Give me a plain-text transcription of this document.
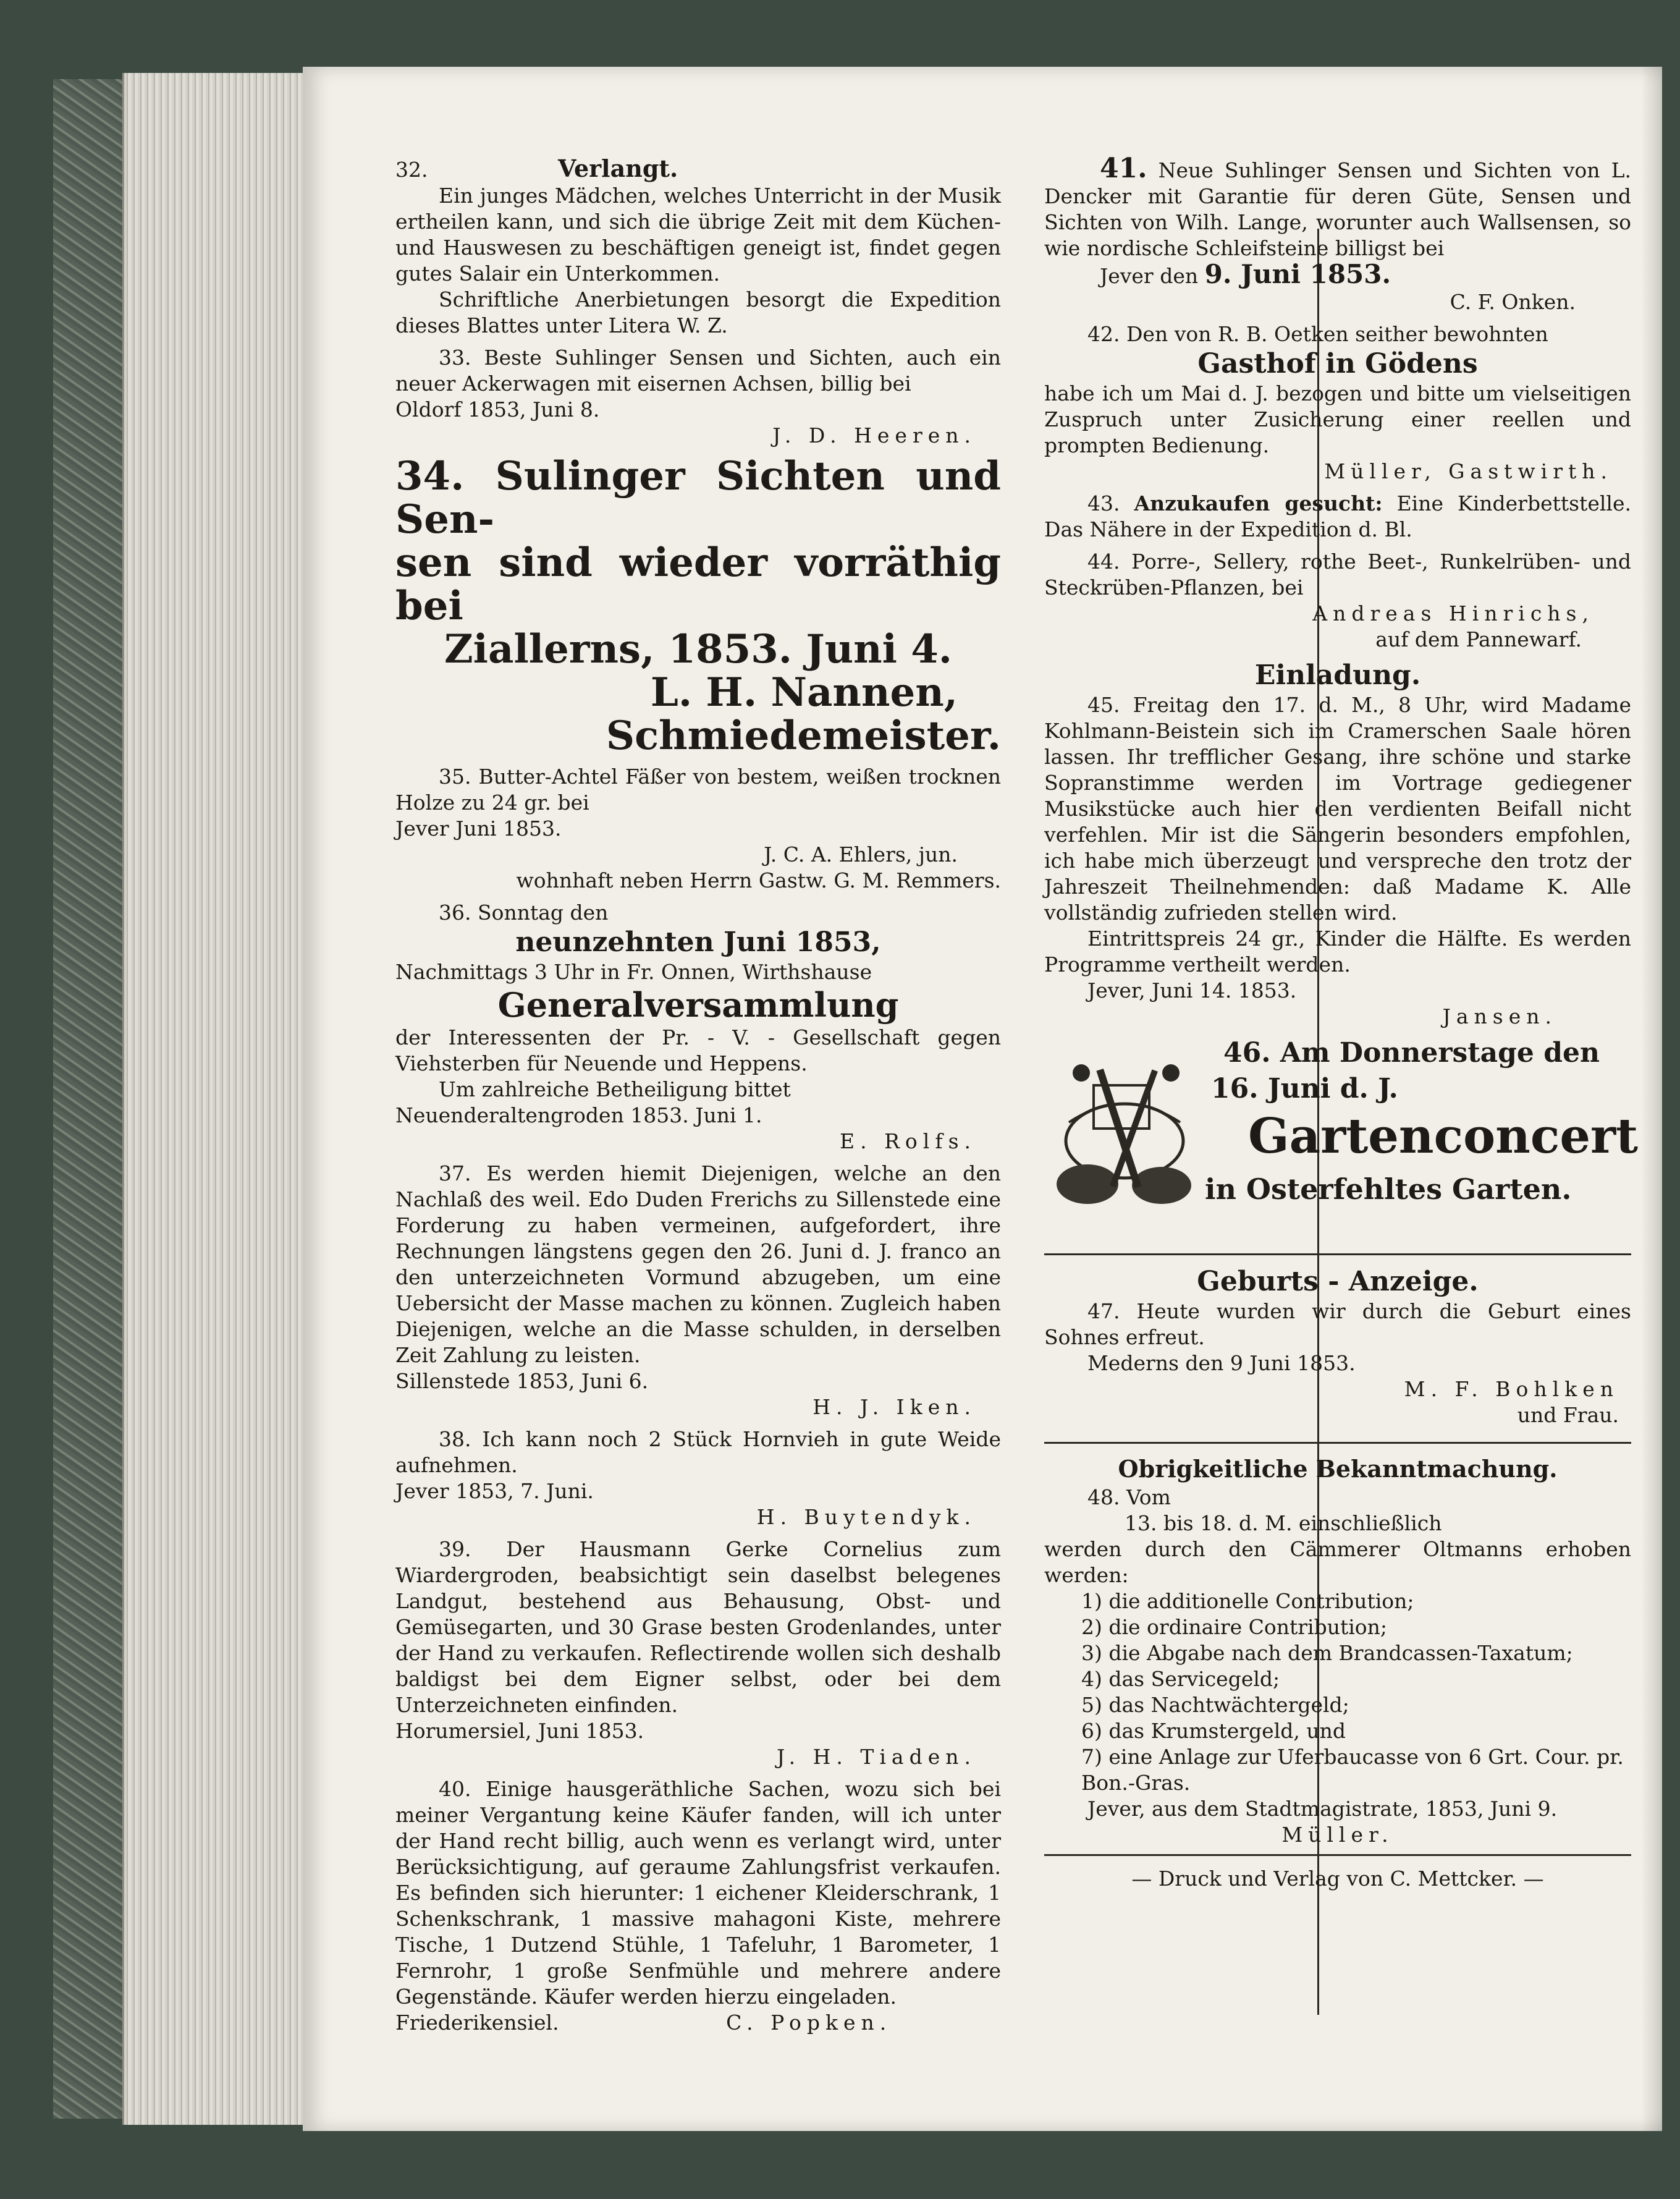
32.	Verlangt.

Ein junges Mädchen, welches Unterricht in der Musik ertheilen kann, und sich die übrige Zeit mit dem Küchen- und Hauswesen zu beschäftigen geneigt ist, findet gegen gutes Salair ein Unterkommen.

Schriftliche Anerbietungen besorgt die Expedition dieses Blattes unter Litera W. Z.

33. Beste Suhlinger Sensen und Sichten, auch ein neuer Ackerwagen mit eisernen Achsen, billig bei

Oldorf 1853, Juni 8.

J. D. Heeren.

34. Sulinger Sichten und Sen-

sen sind wieder vorräthig bei

Ziallerns, 1853. Juni 4.

L. H. Nannen,

Schmiedemeister.

35. Butter-Achtel Fäßer von bestem, weißen trocknen Holze zu 24 gr. bei

Jever Juni 1853.

J. C. A. Ehlers, jun.

wohnhaft neben Herrn Gastw. G. M. Remmers.

36. Sonntag den

neunzehnten Juni 1853,

Nachmittags 3 Uhr in Fr. Onnen, Wirthshause

Generalversammlung

der Interessenten der Pr. - V. - Gesellschaft gegen Viehsterben für Neuende und Heppens.

Um zahlreiche Betheiligung bittet

Neuenderaltengroden 1853. Juni 1.

E. Rolfs.

37. Es werden hiemit Diejenigen, welche an den Nachlaß des weil. Edo Duden Frerichs zu Sillenstede eine Forderung zu haben vermeinen, aufgefordert, ihre Rechnungen längstens gegen den 26. Juni d. J. franco an den unterzeichneten Vormund abzugeben, um eine Uebersicht der Masse machen zu können. Zugleich haben Diejenigen, welche an die Masse schulden, in derselben Zeit Zahlung zu leisten.

Sillenstede 1853, Juni 6.

H. J. Iken.

38. Ich kann noch 2 Stück Hornvieh in gute Weide aufnehmen.

Jever 1853, 7. Juni.

H. Buytendyk.

39. Der Hausmann Gerke Cornelius zum Wiardergroden, beabsichtigt sein daselbst belegenes Landgut, bestehend aus Behausung, Obst- und Gemüsegarten, und 30 Grase besten Grodenlandes, unter der Hand zu verkaufen. Reflectirende wollen sich deshalb baldigst bei dem Eigner selbst, oder bei dem Unterzeichneten einfinden.

Horumersiel, Juni 1853.

J. H. Tiaden.

40. Einige hausgeräthliche Sachen, wozu sich bei meiner Vergantung keine Käufer fanden, will ich unter der Hand recht billig, auch wenn es verlangt wird, unter Berücksichtigung, auf geraume Zahlungsfrist verkaufen. Es befinden sich hierunter: 1 eichener Kleiderschrank, 1 Schenkschrank, 1 massive mahagoni Kiste, mehrere Tische, 1 Dutzend Stühle, 1 Tafeluhr, 1 Barometer, 1 Fernrohr, 1 große Senfmühle und mehrere andere Gegenstände. Käufer werden hierzu eingeladen.

Friederikensiel.	C. Popken.

41. Neue Suhlinger Sensen und Sichten von L. Dencker mit Garantie für deren Güte, Sensen und Sichten von Wilh. Lange, worunter auch Wallsensen, so wie nordische Schleifsteine billigst bei

Jever den 9. Juni 1853.

C. F. Onken.

42. Den von R. B. Oetken seither bewohnten

Gasthof in Gödens

habe ich um Mai d. J. bezogen und bitte um vielseitigen Zuspruch unter Zusicherung einer reellen und prompten Bedienung.

Müller, Gastwirth.

43. Anzukaufen gesucht: Eine Kinderbettstelle. Das Nähere in der Expedition d. Bl.

44. Porre-, Sellery, rothe Beet-, Runkelrüben- und Steckrüben-Pflanzen, bei

Andreas Hinrichs,

auf dem Pannewarf.

Einladung.

45. Freitag den 17. d. M., 8 Uhr, wird Madame Kohlmann-Beistein sich im Cramerschen Saale hören lassen. Ihr trefflicher Gesang, ihre schöne und starke Sopranstimme werden im Vortrage gediegener Musikstücke auch hier den verdienten Beifall nicht verfehlen. Mir ist die Sängerin besonders empfohlen, ich habe mich überzeugt und verspreche den trotz der Jahreszeit Theilnehmenden: daß Madame K. Alle vollständig zufrieden stellen wird.

Eintrittspreis 24 gr., Kinder die Hälfte. Es werden Programme vertheilt werden.

Jever, Juni 14. 1853.

Jansen.

46. Am Donnerstage den
16. Juni d. J.
Gartenconcert
in Osterfehltes Garten.

Geburts - Anzeige.

47. Heute wurden wir durch die Geburt eines Sohnes erfreut.

Mederns den 9 Juni 1853.

M. F. Bohlken

und Frau.

Obrigkeitliche Bekanntmachung.

48. Vom

13. bis 18. d. M. einschließlich

werden durch den Cämmerer Oltmanns erhoben werden:

1) die additionelle Contribution;

2) die ordinaire Contribution;

3) die Abgabe nach dem Brandcassen-Taxatum;

4) das Servicegeld;

5) das Nachtwächtergeld;

6) das Krumstergeld, und

7) eine Anlage zur Uferbaucasse von 6 Grt. Cour. pr. Bon.-Gras.

Jever, aus dem Stadtmagistrate, 1853, Juni 9.

Müller.

— Druck und Verlag von C. Mettcker. —
